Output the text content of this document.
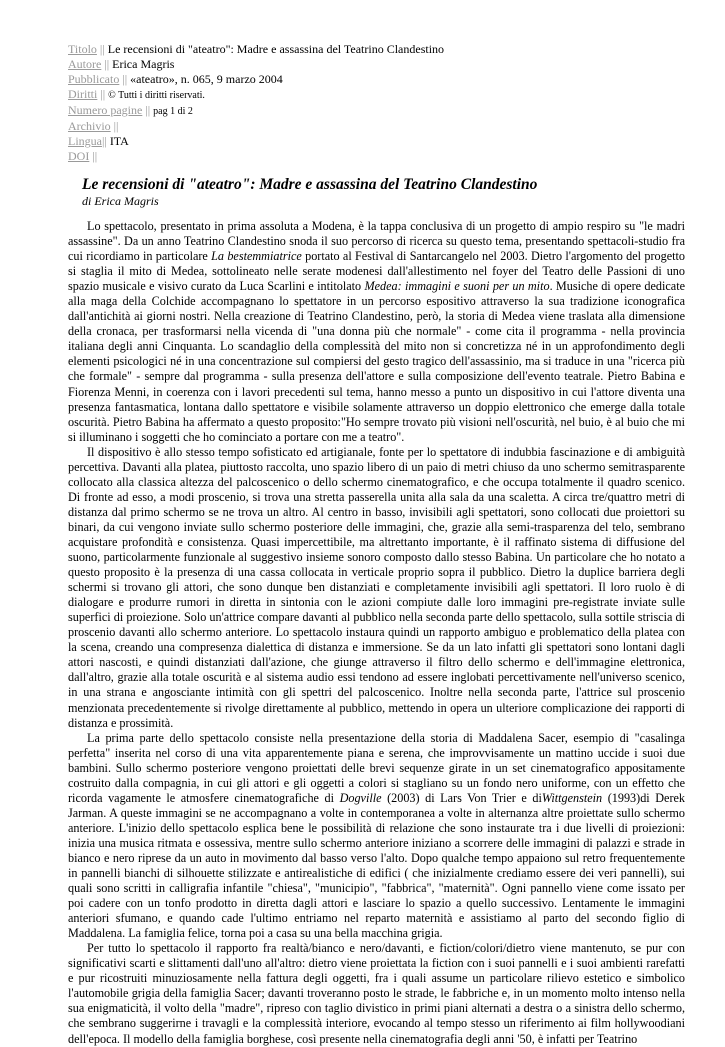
Titolo || Le recensioni di "ateatro": Madre e assassina del Teatrino Clandestino
Autore || Erica Magris
Pubblicato || «ateatro», n. 065, 9 marzo 2004
Diritti || © Tutti i diritti riservati.
Numero pagine || pag 1 di 2
Archivio ||
Lingua|| ITA
DOI ||
Le recensioni di "ateatro": Madre e assassina del Teatrino Clandestino
di Erica Magris

Lo spettacolo, presentato in prima assoluta a Modena, è la tappa conclusiva di un progetto di ampio respiro su "le madri assassine". Da un anno Teatrino Clandestino snoda il suo percorso di ricerca su questo tema, presentando spettacoli-studio fra cui ricordiamo in particolare La bestemmiatrice portato al Festival di Santarcangelo nel 2003. Dietro l'argomento del progetto si staglia il mito di Medea, sottolineato nelle serate modenesi dall'allestimento nel foyer del Teatro delle Passioni di uno spazio musicale e visivo curato da Luca Scarlini e intitolato Medea: immagini e suoni per un mito. Musiche di opere dedicate alla maga della Colchide accompagnano lo spettatore in un percorso espositivo attraverso la sua tradizione iconografica dall'antichità ai giorni nostri. Nella creazione di Teatrino Clandestino, però, la storia di Medea viene traslata alla dimensione della cronaca, per trasformarsi nella vicenda di "una donna più che normale" - come cita il programma - nella provincia italiana degli anni Cinquanta. Lo scandaglio della complessità del mito non si concretizza né in un approfondimento degli elementi psicologici né in una concentrazione sul compiersi del gesto tragico dell'assassinio, ma si traduce in una "ricerca più che formale" - sempre dal programma - sulla presenza dell'attore e sulla composizione dell'evento teatrale. Pietro Babina e Fiorenza Menni, in coerenza con i lavori precedenti sul tema, hanno messo a punto un dispositivo in cui l'attore diventa una presenza fantasmatica, lontana dallo spettatore e visibile solamente attraverso un doppio elettronico che emerge dalla totale oscurità. Pietro Babina ha affermato a questo proposito:"Ho sempre trovato più visioni nell'oscurità, nel buio, è al buio che mi si illuminano i soggetti che ho cominciato a portare con me a teatro".

Il dispositivo è allo stesso tempo sofisticato ed artigianale, fonte per lo spettatore di indubbia fascinazione e di ambiguità percettiva. Davanti alla platea, piuttosto raccolta, uno spazio libero di un paio di metri chiuso da uno schermo semitrasparente collocato alla classica altezza del palcoscenico o dello schermo cinematografico, e che occupa totalmente il quadro scenico. Di fronte ad esso, a modi proscenio, si trova una stretta passerella unita alla sala da una scaletta. A circa tre/quattro metri di distanza dal primo schermo se ne trova un altro. Al centro in basso, invisibili agli spettatori, sono collocati due proiettori su binari, da cui vengono inviate sullo schermo posteriore delle immagini, che, grazie alla semi-trasparenza del telo, sembrano acquistare profondità e consistenza. Quasi impercettibile, ma altrettanto importante, è il raffinato sistema di diffusione del suono, particolarmente funzionale al suggestivo insieme sonoro composto dallo stesso Babina. Un particolare che ho notato a questo proposito è la presenza di una cassa collocata in verticale proprio sopra il pubblico. Dietro la duplice barriera degli schermi si trovano gli attori, che sono dunque ben distanziati e completamente invisibili agli spettatori. Il loro ruolo è di dialogare e produrre rumori in diretta in sintonia con le azioni compiute dalle loro immagini pre-registrate inviate sulle superfici di proiezione. Solo un'attrice compare davanti al pubblico nella seconda parte dello spettacolo, sulla sottile striscia di proscenio davanti allo schermo anteriore. Lo spettacolo instaura quindi un rapporto ambiguo e problematico della platea con la scena, creando una compresenza dialettica di distanza e immersione. Se da un lato infatti gli spettatori sono lontani dagli attori nascosti, e quindi distanziati dall'azione, che giunge attraverso il filtro dello schermo e dell'immagine elettronica, dall'altro, grazie alla totale oscurità e al sistema audio essi tendono ad essere inglobati percettivamente nell'universo scenico, in una strana e angosciante intimità con gli spettri del palcoscenico. Inoltre nella seconda parte, l'attrice sul proscenio menzionata precedentemente si rivolge direttamente al pubblico, mettendo in opera un ulteriore complicazione dei rapporti di distanza e prossimità.

La prima parte dello spettacolo consiste nella presentazione della storia di Maddalena Sacer, esempio di "casalinga perfetta" inserita nel corso di una vita apparentemente piana e serena, che improvvisamente un mattino uccide i suoi due bambini. Sullo schermo posteriore vengono proiettati delle brevi sequenze girate in un set cinematografico appositamente costruito dalla compagnia, in cui gli attori e gli oggetti a colori si stagliano su un fondo nero uniforme, con un effetto che ricorda vagamente le atmosfere cinematografiche di Dogville (2003) di Lars Von Trier e diWittgenstein (1993)di Derek Jarman. A queste immagini se ne accompagnano a volte in contemporanea a volte in alternanza altre proiettate sullo schermo anteriore. L'inizio dello spettacolo esplica bene le possibilità di relazione che sono instaurate tra i due livelli di proiezioni: inizia una musica ritmata e ossessiva, mentre sullo schermo anteriore iniziano a scorrere delle immagini di palazzi e strade in bianco e nero riprese da un auto in movimento dal basso verso l'alto. Dopo qualche tempo appaiono sul retro frequentemente in pannelli bianchi di silhouette stilizzate e antirealistiche di edifici ( che inizialmente crediamo essere dei veri pannelli), sui quali sono scritti in calligrafia infantile "chiesa", "municipio", "fabbrica", "maternità". Ogni pannello viene come issato per poi cadere con un tonfo prodotto in diretta dagli attori e lasciare lo spazio a quello successivo. Lentamente le immagini anteriori sfumano, e quando cade l'ultimo entriamo nel reparto maternità e assistiamo al parto del secondo figlio di Maddalena. La famiglia felice, torna poi a casa su una bella macchina grigia.

Per tutto lo spettacolo il rapporto fra realtà/bianco e nero/davanti, e fiction/colori/dietro viene mantenuto, se pur con significativi scarti e slittamenti dall'uno all'altro: dietro viene proiettata la fiction con i suoi pannelli e i suoi ambienti rarefatti e pur ricostruiti minuziosamente nella fattura degli oggetti, fra i quali assume un particolare rilievo estetico e simbolico l'automobile grigia della famiglia Sacer; davanti troveranno posto le strade, le fabbriche e, in un momento molto intenso nella sua enigmaticità, il volto della "madre", ripreso con taglio divistico in primi piani alternati a destra o a sinistra dello schermo, che sembrano suggerirne i travagli e la complessità interiore, evocando al tempo stesso un riferimento ai film hollywoodiani dell'epoca. Il modello della famiglia borghese, così presente nella cinematografia degli anni '50, è infatti per Teatrino
